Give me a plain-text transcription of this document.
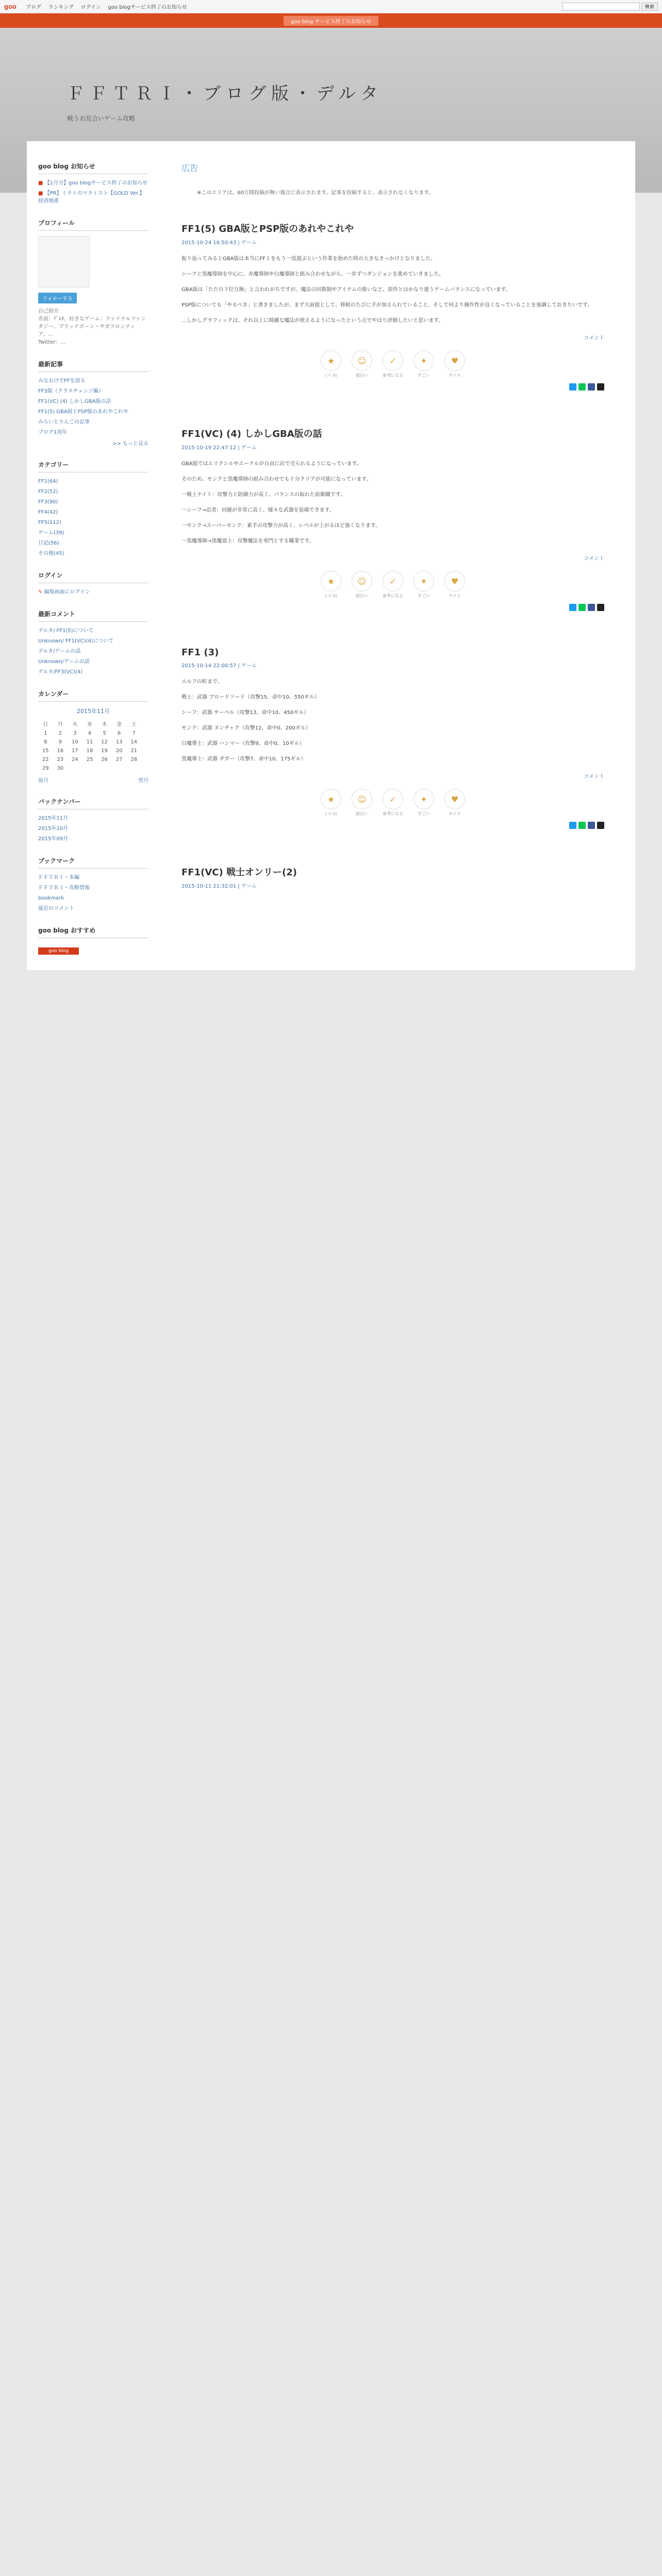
goo ブログ ランキング ログイン goo blogサービス終了のお知らせ	検索
goo blog サービス終了のお知らせ
ＦＦＴＲＩ・ブログ版・デルタ
戦うお見合いゲーム攻略
goo blog お知らせ
■ 【1月分】goo blogサービス終了のお知らせ
■ 【PR】ミラトのマラミスト【GOLD Ver.】 経済関係
プロフィール
フォローする
自己紹介
名前：ﾃﾞﾙﾀ、好きなゲーム：ファイナルファンタジー、ブラッドボーン・サガフロンティア、…
Twitter：…
最新記事
みなおけでFFを語る
FF3版（クラスチェンジ編）
FF1(VC) (4) しかしGBA版の話
FF1(5) GBA版とPSP版のあれやこれや
みらいとりんごの記事
ブログ1周年
>> もっと見る
カテゴリー
FF1(64)
FF2(52)
FF3(90)
FF4(42)
FF5(112)
ゲーム(39)
日記(56)
その他(45)
ログイン
✎ 編集画面にログイン
最新コメント
デルタ/ FF1(5)について
Unknown/ FF1(VC)(4)について
デルタ/ゲームの話
Unknown/ゲームの話
デルタ/FF3(VC)(4)
カレンダー
2015年11月
日	月	火	水	木	金	土
1	2	3	4	5	6	7
8	9	10	11	12	13	14
15	16	17	18	19	20	21
22	23	24	25	26	27	28
29	30					
前月	翌月
バックナンバー
2015年11月
2015年10月
2015年09月
ブックマーク
ＦＦＴＲＩ・本編
ＦＦＴＲＩ・攻略情報
bookmark
最近のコメント
goo blog おすすめ
goo blog
広告
※このエリアは、60日間投稿が無い場合に表示されます。記事を投稿すると、表示されなくなります。
FF1(5) GBA版とPSP版のあれやこれや
2015-10-24 16:50:43 | ゲーム

振り返ってみるとGBA版は本当にFF１をもう一度遊ぶという作業を始めた時の大きなきっかけとなりました。

シーフと黒魔導師を中心に、赤魔導師や白魔導師と組み合わせながら、一歩ずつダンジョンを進めていきました。

GBA版は「ただの下位互換」と言われがちですが、魔法の回数制やアイテムの扱いなど、原作とはかなり違うゲームバランスになっています。

PSP版についても「やるべき」と書きましたが、まず大前提として、移植のたびに手が加えられていること、そして何より操作性が良くなっていることを強調しておきたいです。

…しかしグラフィックは、それ以上に綺麗な魔法が使えるようになったという点でやはり評価したいと思います。

コメント
★
いいね
☺
面白い
✓
参考になる
✦
すごい
♥
ナイス
FF1(VC) (4) しかしGBA版の話
2015-10-19 22:47:12 | ゲーム

GBA版ではエリクシルやエーテルが自由に店で売られるようになっています。

そのため、モンクと黒魔導師の組み合わせでも十分クリアが可能になっています。

一戦士ナイト：攻撃力と防御力が高く、バランスの取れた前衛職です。

一シーフ→忍者：回避が非常に高く、様々な武器を装備できます。

一モンク→スーパーモンク：素手の攻撃力が高く、レベルが上がるほど強くなります。

一黒魔導師→黒魔道士：攻撃魔法を専門とする職業です。

コメント
★
いいね
☺
面白い
✓
参考になる
✦
すごい
♥
ナイス
FF1 (3)
2015-10-14 22:00:57 | ゲーム

エルフの町まで。

戦士：武器 ブロードソード（攻撃15、命中10、550ギル）

シーフ：武器 サーベル（攻撃13、命中10、450ギル）

モンク：武器 ヌンチャク（攻撃12、命中0、200ギル）

白魔導士：武器 ハンマー（攻撃9、命中0、10ギル）

黒魔導士：武器 ダガー（攻撃7、命中10、175ギル）

コメント
★
いいね
☺
面白い
✓
参考になる
✦
すごい
♥
ナイス
FF1(VC) 戦士オンリー(2)
2015-10-11 21:32:01 | ゲーム
